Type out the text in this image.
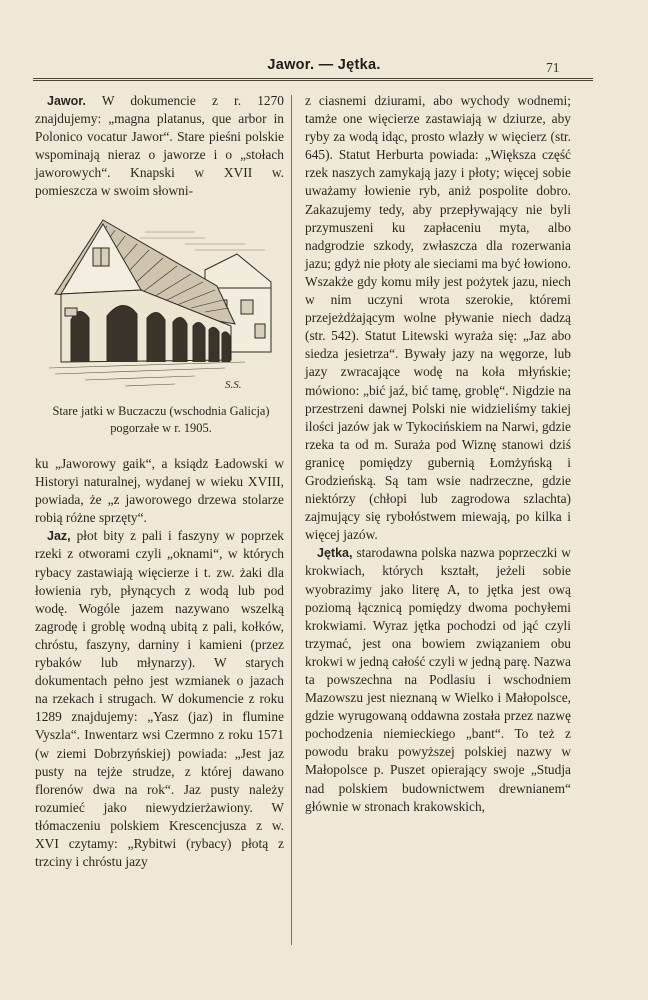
Jawor. — Jętka.	71

Jawor. W dokumencie z r. 1270 znajdujemy: „magna platanus, que arbor in Polonico vocatur Jawor“. Stare pieśni polskie wspominają nieraz o jaworze i o „stołach jaworowych“. Knapski w XVII w. pomieszcza w swoim słowni-

S.S.
Stare jatki w Buczaczu (wschodnia Galicja) pogorzałe w r. 1905.

ku „Jaworowy gaik“, a ksiądz Ładowski w Historyi naturalnej, wydanej w wieku XVIII, powiada, że „z jaworowego drzewa stolarze robią różne sprzęty“.

Jaz, płot bity z pali i faszyny w poprzek rzeki z otworami czyli „oknami“, w których rybacy zastawiają więcierze i t. zw. żaki dla łowienia ryb, płynących z wodą lub pod wodę. Wogóle jazem nazywano wszelką zagrodę i groblę wodną ubitą z pali, kołków, chróstu, faszyny, darniny i kamieni (przez rybaków lub młynarzy). W starych dokumentach pełno jest wzmianek o jazach na rzekach i strugach. W dokumencie z roku 1289 znajdujemy: „Yasz (jaz) in flumine Vyszla“. Inwentarz wsi Czermno z roku 1571 (w ziemi Dobrzyńskiej) powiada: „Jest jaz pusty na tejże strudze, z której dawano florenów dwa na rok“. Jaz pusty należy rozumieć jako niewydzierżawiony. W tłómaczeniu polskiem Krescencjusza z w. XVI czytamy: „Rybitwi (rybacy) płotą z trzciny i chróstu jazy

z ciasnemi dziurami, abo wychody wodnemi; tamże one więcierze zastawiają w dziurze, aby ryby za wodą idąc, prosto wlazły w więcierz (str. 645). Statut Herburta powiada: „Większa część rzek naszych zamykają jazy i płoty; więcej sobie uważamy łowienie ryb, aniż pospolite dobro. Zakazujemy tedy, aby przepływający nie byli przymuszeni ku zapłaceniu myta, albo nadgrodzie szkody, zwłaszcza dla rozerwania jazu; gdyż nie płoty ale sieciami ma być łowiono. Wszakże gdy komu miły jest pożytek jazu, niech w nim uczyni wrota szerokie, któremi przejeżdżającym wolne pływanie niech dadzą (str. 542). Statut Litewski wyraża się: „Jaz abo siedza jesietrza“. Bywały jazy na węgorze, lub jazy zwracające wodę na koła młyńskie; mówiono: „bić jaź, bić tamę, groblę“. Nigdzie na przestrzeni dawnej Polski nie widzieliśmy takiej ilości jazów jak w Tykocińskiem na Narwi, gdzie rzeka ta od m. Suraża pod Wiznę stanowi dziś granicę pomiędzy gubernią Łomżyńską i Grodzieńską. Są tam wsie nadrzeczne, gdzie niektórzy (chłopi lub zagrodowa szlachta) zajmujący się rybołóstwem miewają, po kilka i więcej jazów.

Jętka, starodawna polska nazwa poprzeczki w krokwiach, których kształt, jeżeli sobie wyobrazimy jako literę A, to jętka jest ową poziomą łącznicą pomiędzy dwoma pochyłemi krokwiami. Wyraz jętka pochodzi od jąć czyli trzymać, jest ona bowiem związaniem obu krokwi w jedną całość czyli w jedną parę. Nazwa ta powszechna na Podlasiu i wschodniem Mazowszu jest nieznaną w Wielko i Małopolsce, gdzie wyrugowaną oddawna została przez nazwę pochodzenia niemieckiego „bant“. To też z powodu braku powyższej polskiej nazwy w Małopolsce p. Puszet opierający swoje „Studja nad polskiem budownictwem drewnianem“ głównie w stronach krakowskich,
